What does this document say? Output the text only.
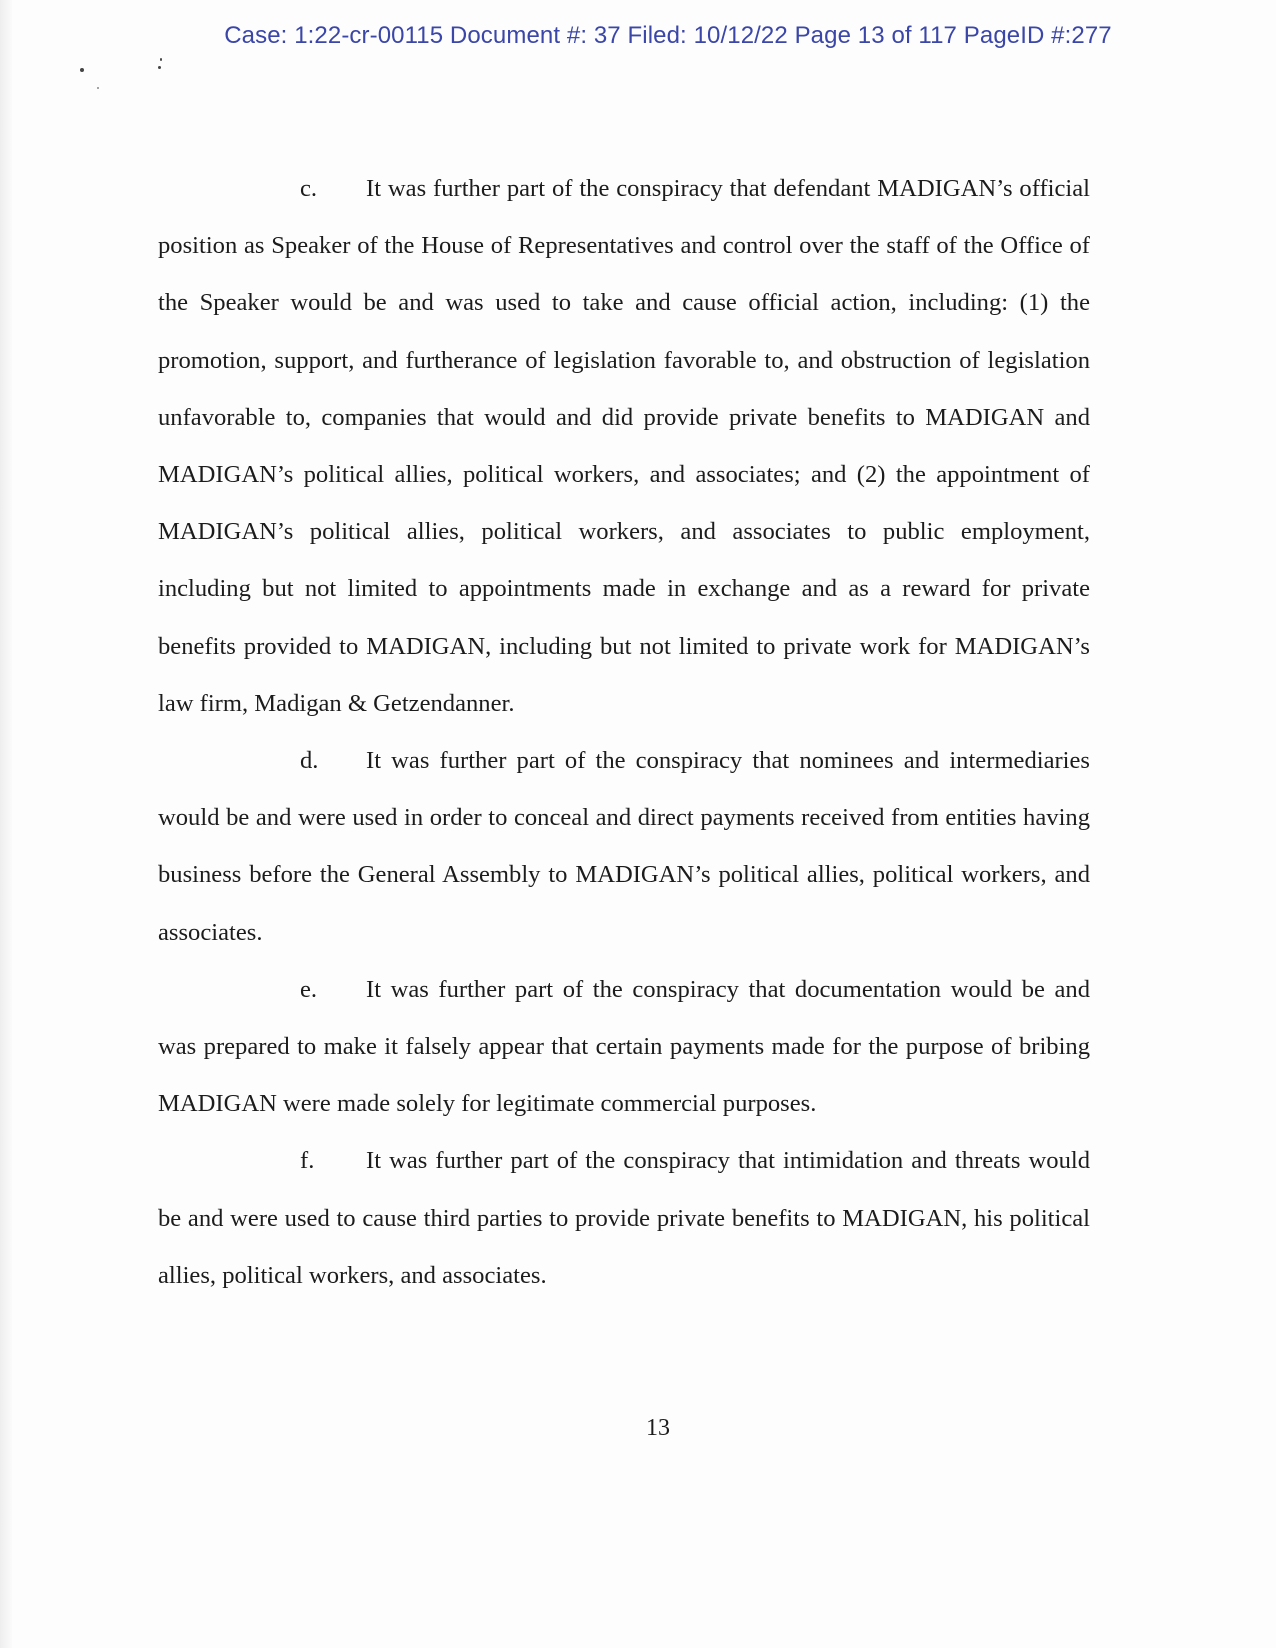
Case: 1:22-cr-00115 Document #: 37 Filed: 10/12/22 Page 13 of 117 PageID #:277

c. It was further part of the conspiracy that defendant MADIGAN’s official position as Speaker of the House of Representatives and control over the staff of the Office of the Speaker would be and was used to take and cause official action, including: (1) the promotion, support, and furtherance of legislation favorable to, and obstruction of legislation unfavorable to, companies that would and did provide private benefits to MADIGAN and MADIGAN’s political allies, political workers, and associates; and (2) the appointment of MADIGAN’s political allies, political workers, and associates to public employment, including but not limited to appointments made in exchange and as a reward for private benefits provided to MADIGAN, including but not limited to private work for MADIGAN’s law firm, Madigan & Getzendanner.

d. It was further part of the conspiracy that nominees and intermediaries would be and were used in order to conceal and direct payments received from entities having business before the General Assembly to MADIGAN’s political allies, political workers, and associates.

e. It was further part of the conspiracy that documentation would be and was prepared to make it falsely appear that certain payments made for the purpose of bribing MADIGAN were made solely for legitimate commercial purposes.

f. It was further part of the conspiracy that intimidation and threats would be and were used to cause third parties to provide private benefits to MADIGAN, his political allies, political workers, and associates.

13
